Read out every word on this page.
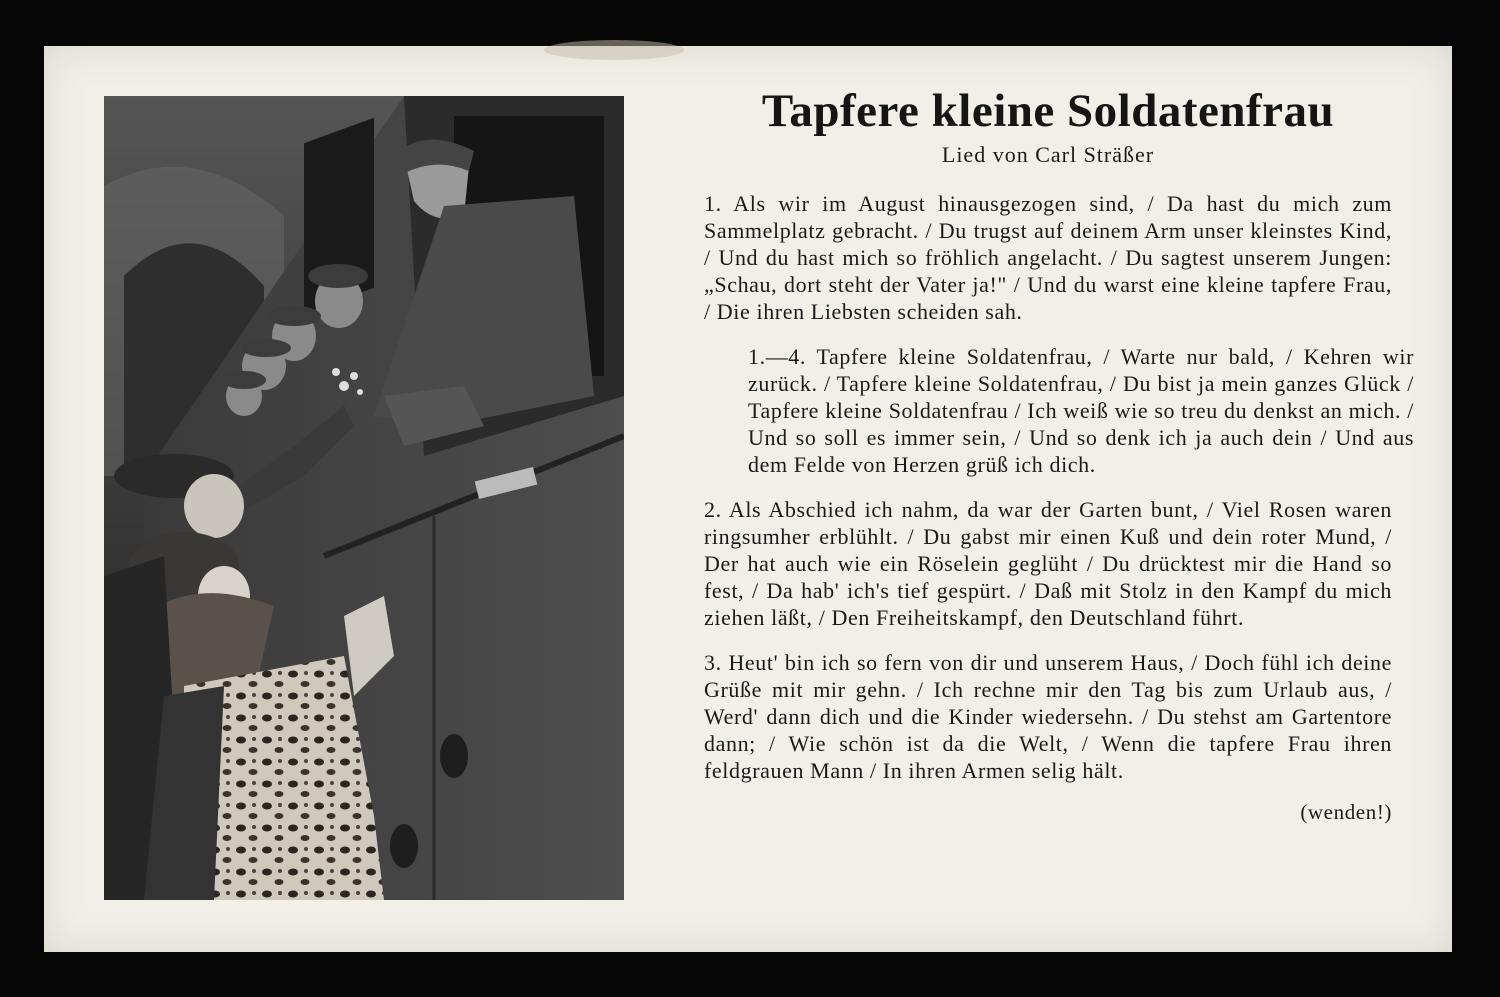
Tapfere kleine Soldatenfrau
Lied von Carl Sträßer

1. Als wir im August hinausgezogen sind, / Da hast du mich zum Sammelplatz gebracht. / Du trugst auf deinem Arm unser kleinstes Kind, / Und du hast mich so fröhlich angelacht. / Du sagtest unserem Jungen: „Schau, dort steht der Vater ja!" / Und du warst eine kleine tapfere Frau, / Die ihren Liebsten scheiden sah.

1.—4. Tapfere kleine Soldatenfrau, / Warte nur bald, / Kehren wir zurück. / Tapfere kleine Soldatenfrau, / Du bist ja mein ganzes Glück / Tapfere kleine Soldatenfrau / Ich weiß wie so treu du denkst an mich. / Und so soll es immer sein, / Und so denk ich ja auch dein / Und aus dem Felde von Herzen grüß ich dich.

2. Als Abschied ich nahm, da war der Garten bunt, / Viel Rosen waren ringsumher erblühlt. / Du gabst mir einen Kuß und dein roter Mund, / Der hat auch wie ein Röselein geglüht / Du drücktest mir die Hand so fest, / Da hab' ich's tief gespürt. / Daß mit Stolz in den Kampf du mich ziehen läßt, / Den Freiheitskampf, den Deutschland führt.

3. Heut' bin ich so fern von dir und unserem Haus, / Doch fühl ich deine Grüße mit mir gehn. / Ich rechne mir den Tag bis zum Urlaub aus, / Werd' dann dich und die Kinder wiedersehn. / Du stehst am Gartentore dann; / Wie schön ist da die Welt, / Wenn die tapfere Frau ihren feldgrauen Mann / In ihren Armen selig hält.

(wenden!)
